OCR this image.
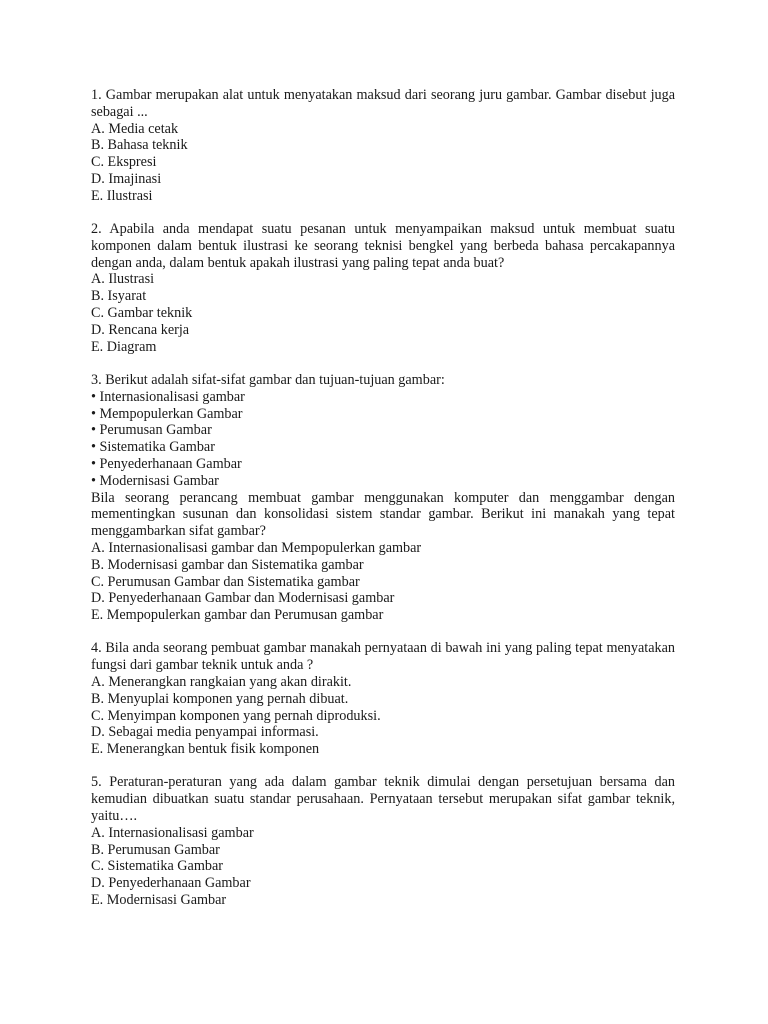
1. Gambar merupakan alat untuk menyatakan maksud dari seorang juru gambar. Gambar disebut juga sebagai ...
A. Media cetak
B. Bahasa teknik
C. Ekspresi
D. Imajinasi
E. Ilustrasi
2. Apabila anda mendapat suatu pesanan untuk menyampaikan maksud untuk membuat suatu komponen dalam bentuk ilustrasi ke seorang teknisi bengkel yang berbeda bahasa percakapannya dengan anda, dalam bentuk apakah ilustrasi yang paling tepat anda buat?
A. Ilustrasi
B. Isyarat
C. Gambar teknik
D. Rencana kerja
E. Diagram
3. Berikut adalah sifat-sifat gambar dan tujuan-tujuan gambar:
• Internasionalisasi gambar
• Mempopulerkan Gambar
• Perumusan Gambar
• Sistematika Gambar
• Penyederhanaan Gambar
• Modernisasi Gambar
Bila seorang perancang membuat gambar menggunakan komputer dan menggambar dengan mementingkan susunan dan konsolidasi sistem standar gambar. Berikut ini manakah yang tepat menggambarkan sifat gambar?
A. Internasionalisasi gambar dan Mempopulerkan gambar
B. Modernisasi gambar dan Sistematika gambar
C. Perumusan Gambar dan Sistematika gambar
D. Penyederhanaan Gambar dan Modernisasi gambar
E. Mempopulerkan gambar dan Perumusan gambar
4. Bila anda seorang pembuat gambar manakah pernyataan di bawah ini yang paling tepat menyatakan fungsi dari gambar teknik untuk anda ?
A. Menerangkan rangkaian yang akan dirakit.
B. Menyuplai komponen yang pernah dibuat.
C. Menyimpan komponen yang pernah diproduksi.
D. Sebagai media penyampai informasi.
E. Menerangkan bentuk fisik komponen
5. Peraturan-peraturan yang ada dalam gambar teknik dimulai dengan persetujuan bersama dan kemudian dibuatkan suatu standar perusahaan. Pernyataan tersebut merupakan sifat gambar teknik, yaitu….
A. Internasionalisasi gambar
B. Perumusan Gambar
C. Sistematika Gambar
D. Penyederhanaan Gambar
E. Modernisasi Gambar
